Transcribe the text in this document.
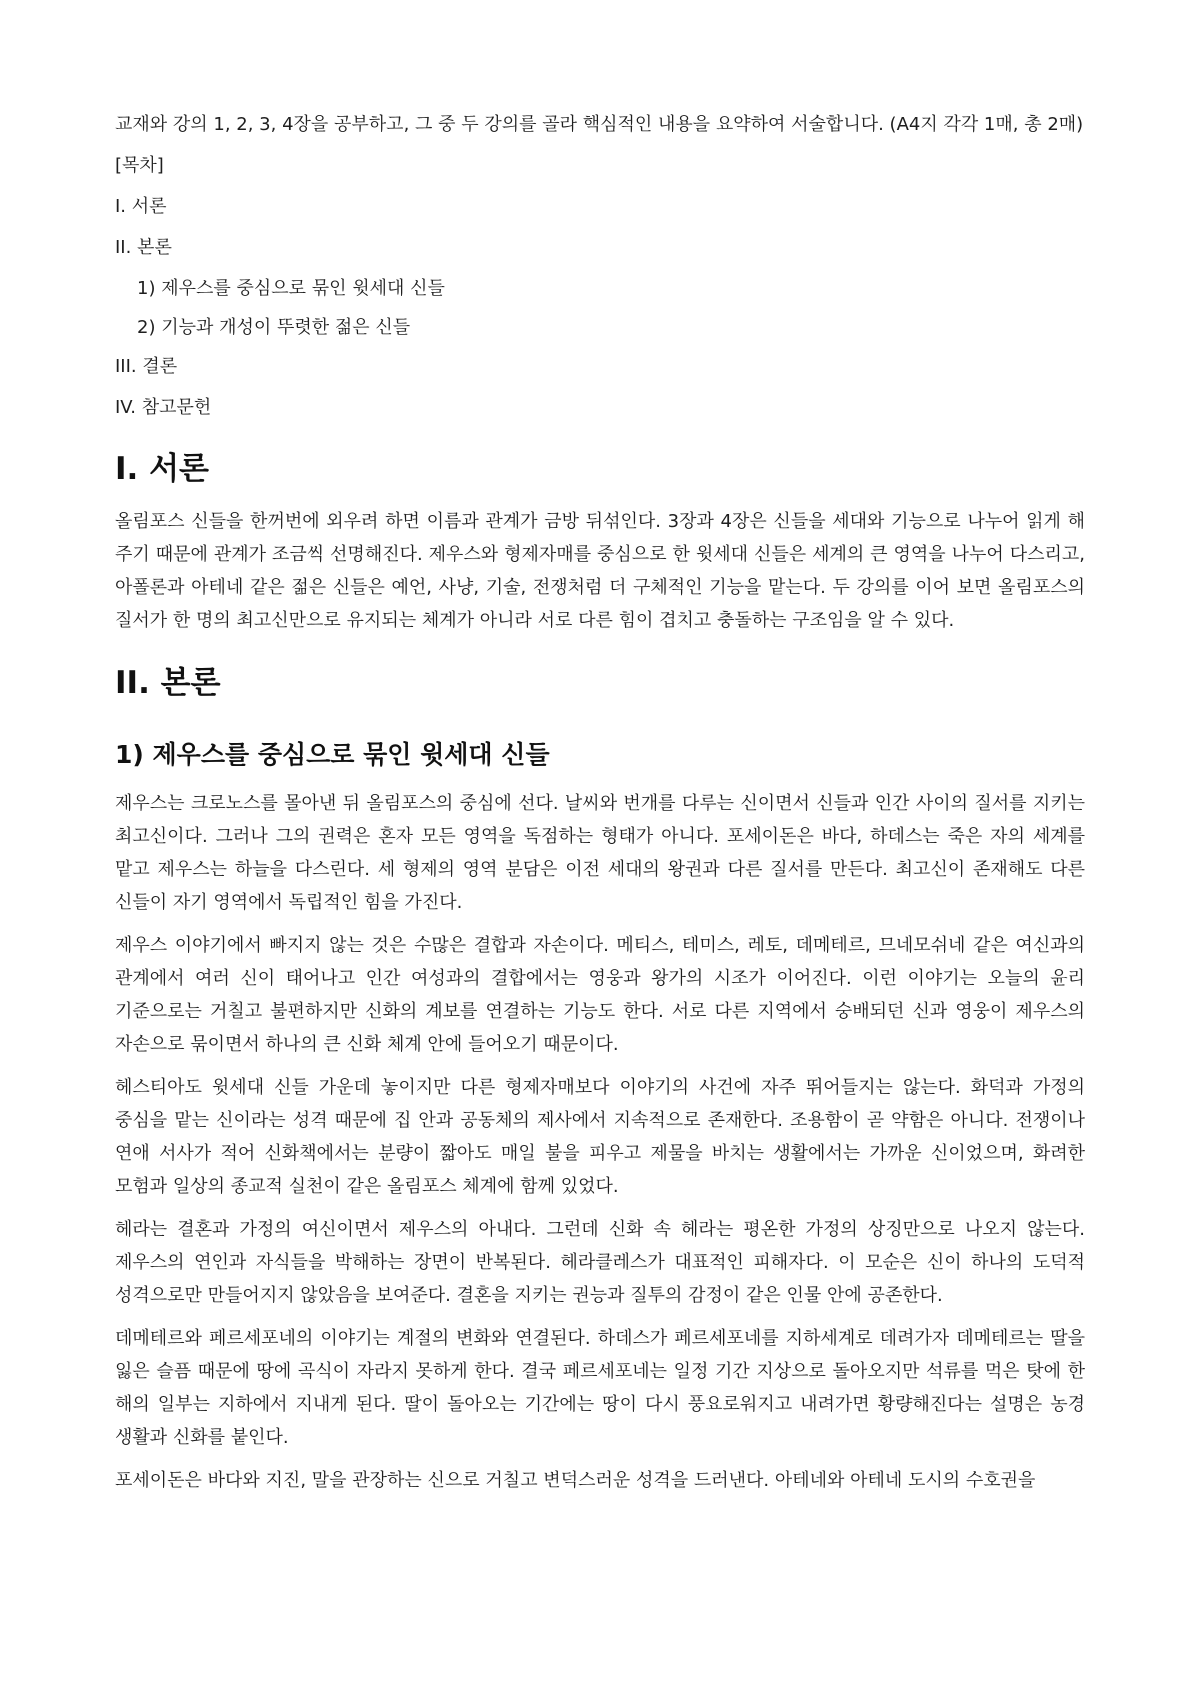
교재와 강의 1, 2, 3, 4장을 공부하고, 그 중 두 강의를 골라 핵심적인 내용을 요약하여 서술합니다. (A4지 각각 1매, 총 2매)

[목차]
I. 서론
II. 본론
1) 제우스를 중심으로 묶인 윗세대 신들
2) 기능과 개성이 뚜렷한 젊은 신들
III. 결론
IV. 참고문헌
I. 서론

올림포스 신들을 한꺼번에 외우려 하면 이름과 관계가 금방 뒤섞인다. 3장과 4장은 신들을 세대와 기능으로 나누어 읽게 해 주기 때문에 관계가 조금씩 선명해진다. 제우스와 형제자매를 중심으로 한 윗세대 신들은 세계의 큰 영역을 나누어 다스리고, 아폴론과 아테네 같은 젊은 신들은 예언, 사냥, 기술, 전쟁처럼 더 구체적인 기능을 맡는다. 두 강의를 이어 보면 올림포스의 질서가 한 명의 최고신만으로 유지되는 체계가 아니라 서로 다른 힘이 겹치고 충돌하는 구조임을 알 수 있다.

II. 본론
1) 제우스를 중심으로 묶인 윗세대 신들

제우스는 크로노스를 몰아낸 뒤 올림포스의 중심에 선다. 날씨와 번개를 다루는 신이면서 신들과 인간 사이의 질서를 지키는 최고신이다. 그러나 그의 권력은 혼자 모든 영역을 독점하는 형태가 아니다. 포세이돈은 바다, 하데스는 죽은 자의 세계를 맡고 제우스는 하늘을 다스린다. 세 형제의 영역 분담은 이전 세대의 왕권과 다른 질서를 만든다. 최고신이 존재해도 다른 신들이 자기 영역에서 독립적인 힘을 가진다.

제우스 이야기에서 빠지지 않는 것은 수많은 결합과 자손이다. 메티스, 테미스, 레토, 데메테르, 므네모쉬네 같은 여신과의 관계에서 여러 신이 태어나고 인간 여성과의 결합에서는 영웅과 왕가의 시조가 이어진다. 이런 이야기는 오늘의 윤리 기준으로는 거칠고 불편하지만 신화의 계보를 연결하는 기능도 한다. 서로 다른 지역에서 숭배되던 신과 영웅이 제우스의 자손으로 묶이면서 하나의 큰 신화 체계 안에 들어오기 때문이다.

헤스티아도 윗세대 신들 가운데 놓이지만 다른 형제자매보다 이야기의 사건에 자주 뛰어들지는 않는다. 화덕과 가정의 중심을 맡는 신이라는 성격 때문에 집 안과 공동체의 제사에서 지속적으로 존재한다. 조용함이 곧 약함은 아니다. 전쟁이나 연애 서사가 적어 신화책에서는 분량이 짧아도 매일 불을 피우고 제물을 바치는 생활에서는 가까운 신이었으며, 화려한 모험과 일상의 종교적 실천이 같은 올림포스 체계에 함께 있었다.

헤라는 결혼과 가정의 여신이면서 제우스의 아내다. 그런데 신화 속 헤라는 평온한 가정의 상징만으로 나오지 않는다. 제우스의 연인과 자식들을 박해하는 장면이 반복된다. 헤라클레스가 대표적인 피해자다. 이 모순은 신이 하나의 도덕적 성격으로만 만들어지지 않았음을 보여준다. 결혼을 지키는 권능과 질투의 감정이 같은 인물 안에 공존한다.

데메테르와 페르세포네의 이야기는 계절의 변화와 연결된다. 하데스가 페르세포네를 지하세계로 데려가자 데메테르는 딸을 잃은 슬픔 때문에 땅에 곡식이 자라지 못하게 한다. 결국 페르세포네는 일정 기간 지상으로 돌아오지만 석류를 먹은 탓에 한 해의 일부는 지하에서 지내게 된다. 딸이 돌아오는 기간에는 땅이 다시 풍요로워지고 내려가면 황량해진다는 설명은 농경 생활과 신화를 붙인다.

포세이돈은 바다와 지진, 말을 관장하는 신으로 거칠고 변덕스러운 성격을 드러낸다. 아테네와 아테네 도시의 수호권을
